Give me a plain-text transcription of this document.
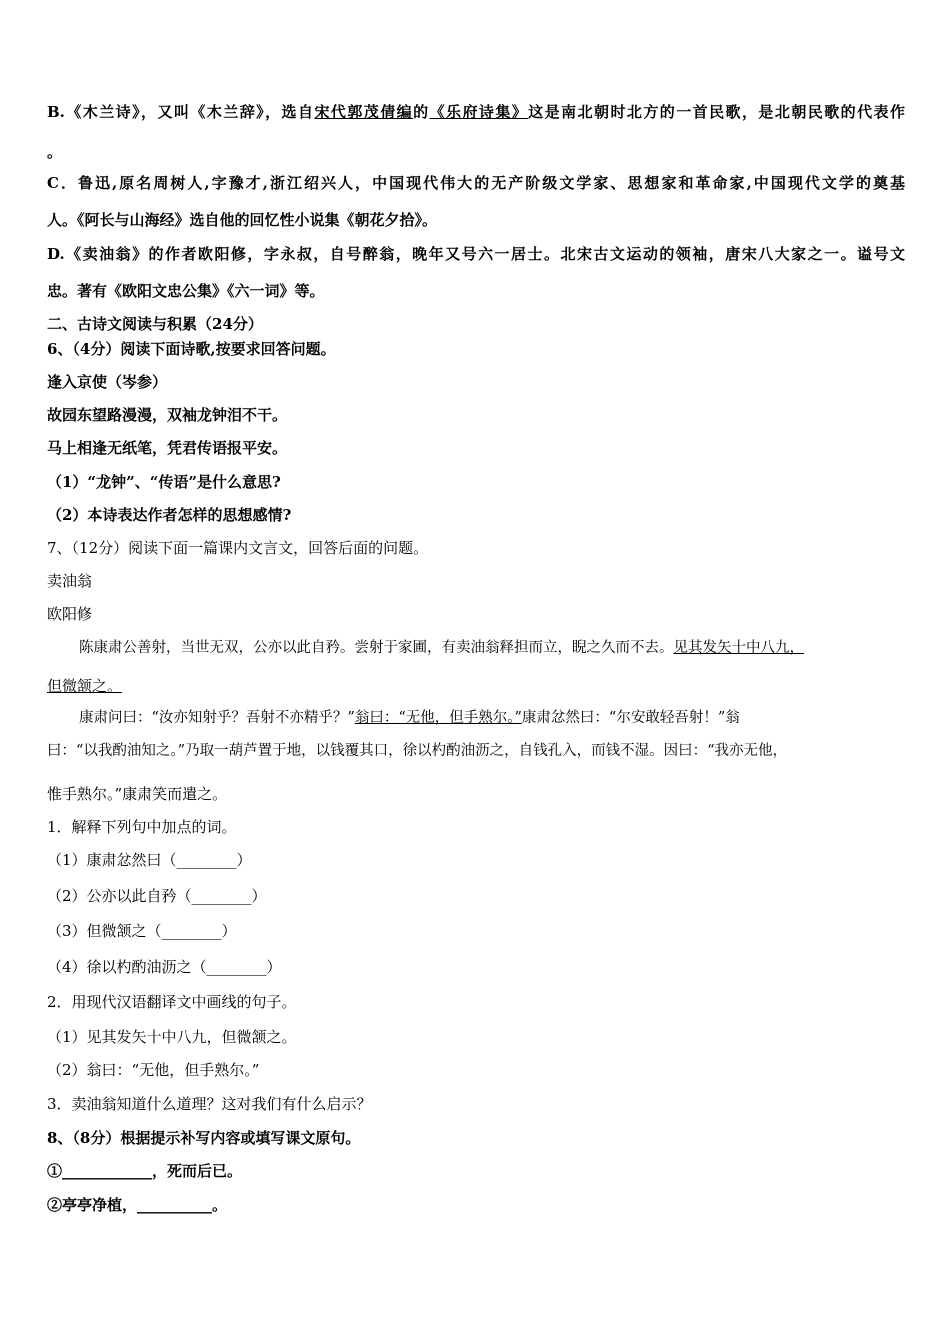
B.《木兰诗》，又叫《木兰辞》，选自宋代郭茂倩编的《乐府诗集》这是南北朝时北方的一首民歌，是北朝民歌的代表作
。
C．鲁迅,原名周树人,字豫才,浙江绍兴人，中国现代伟大的无产阶级文学家、思想家和革命家,中国现代文学的奠基
人。《阿长与山海经》选自他的回忆性小说集《朝花夕拾》。
D.《卖油翁》的作者欧阳修，字永叔，自号醉翁，晚年又号六一居士。北宋古文运动的领袖，唐宋八大家之一。谥号文
忠。著有《欧阳文忠公集》《六一词》等。
二、古诗文阅读与积累（24分）
6、（4分）阅读下面诗歌,按要求回答问题。
逢入京使（岑参）
故园东望路漫漫，双袖龙钟泪不干。
马上相逢无纸笔，凭君传语报平安。
（1）“龙钟”、“传语”是什么意思?
（2）本诗表达作者怎样的思想感情?
7、（12分）阅读下面一篇课内文言文，回答后面的问题。
卖油翁
欧阳修
陈康肃公善射，当世无双，公亦以此自矜。尝射于家圃，有卖油翁释担而立，睨之久而不去。见其发矢十中八九，
但微颔之。
康肃问曰：“汝亦知射乎？吾射不亦精乎？”翁曰：“无他，但手熟尔。”康肃忿然曰：“尔安敢轻吾射！”翁
曰：“以我酌油知之。”乃取一葫芦置于地，以钱覆其口，徐以杓酌油沥之，自钱孔入，而钱不湿。因曰：“我亦无他，
惟手熟尔。”康肃笑而遣之。
1．解释下列句中加点的词。
（1）康肃忿然曰（________）
（2）公亦以此自矜（________）
（3）但微颔之（________）
（4）徐以杓酌油沥之（________）
2．用现代汉语翻译文中画线的句子。
（1）见其发矢十中八九，但微颔之。
（2）翁曰：“无他，但手熟尔。”
3．卖油翁知道什么道理？这对我们有什么启示？
8、（8分）根据提示补写内容或填写课文原句。
①____________，死而后已。
②亭亭净植，__________。
